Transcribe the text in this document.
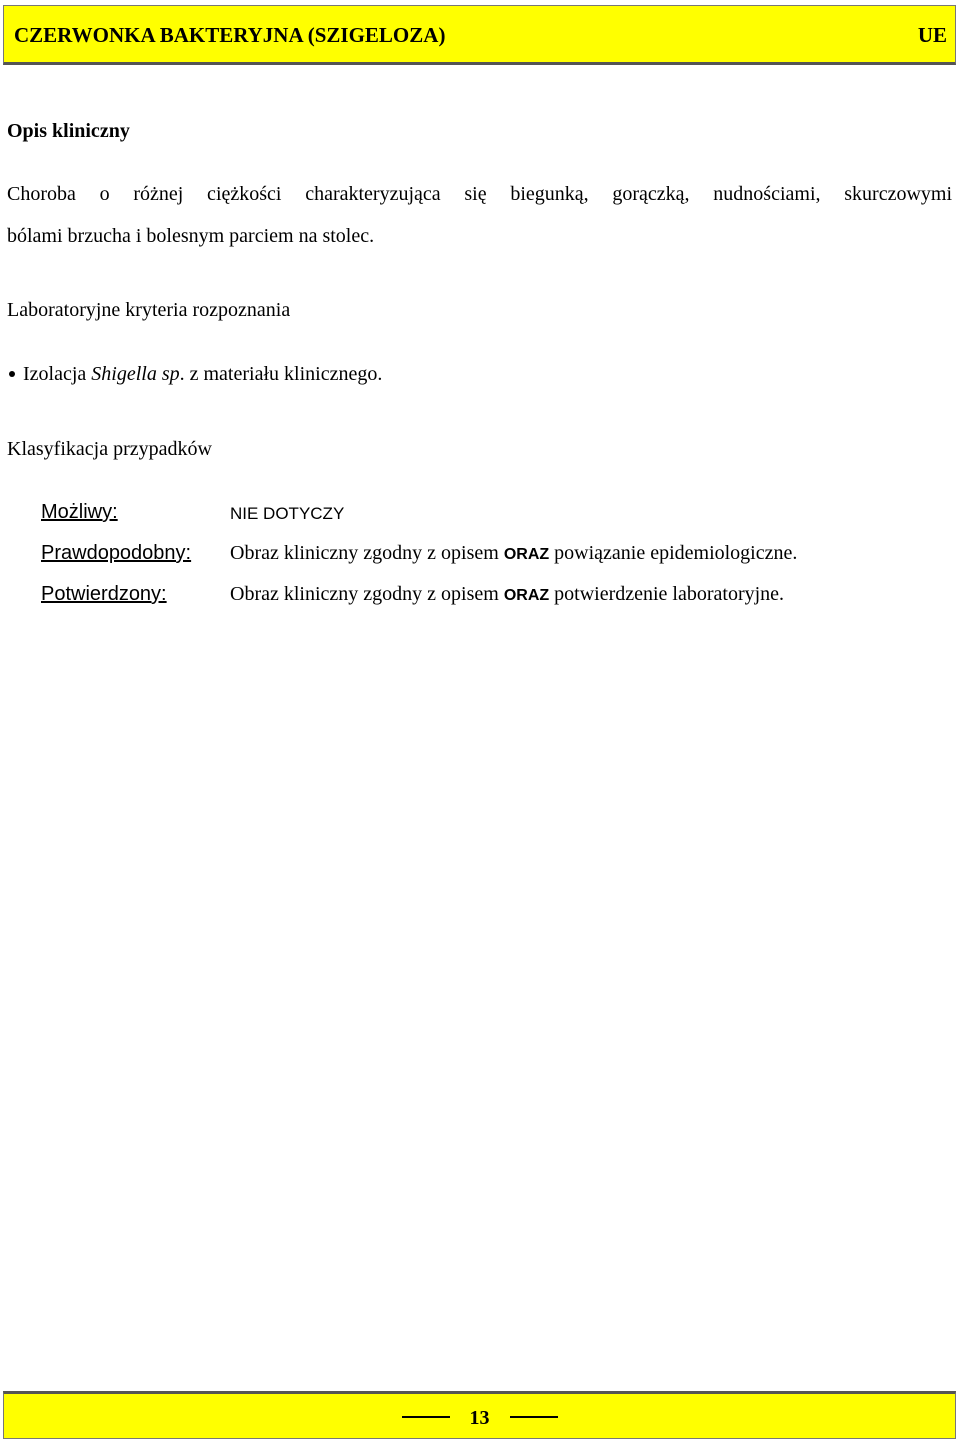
CZERWONKA BAKTERYJNA (SZIGELOZA)	UE
Opis kliniczny
Choroba o różnej ciężkości charakteryzująca się biegunką, gorączką, nudnościami, skurczowymi
bólami brzucha i bolesnym parciem na stolec.
Laboratoryjne kryteria rozpoznania
Izolacja Shigella sp. z materiału klinicznego.
Klasyfikacja przypadków
Możliwy:	NIE DOTYCZY
Prawdopodobny: Obraz kliniczny zgodny z opisem ORAZ powiązanie epidemiologiczne.
Potwierdzony:	Obraz kliniczny zgodny z opisem ORAZ potwierdzenie laboratoryjne.
13
